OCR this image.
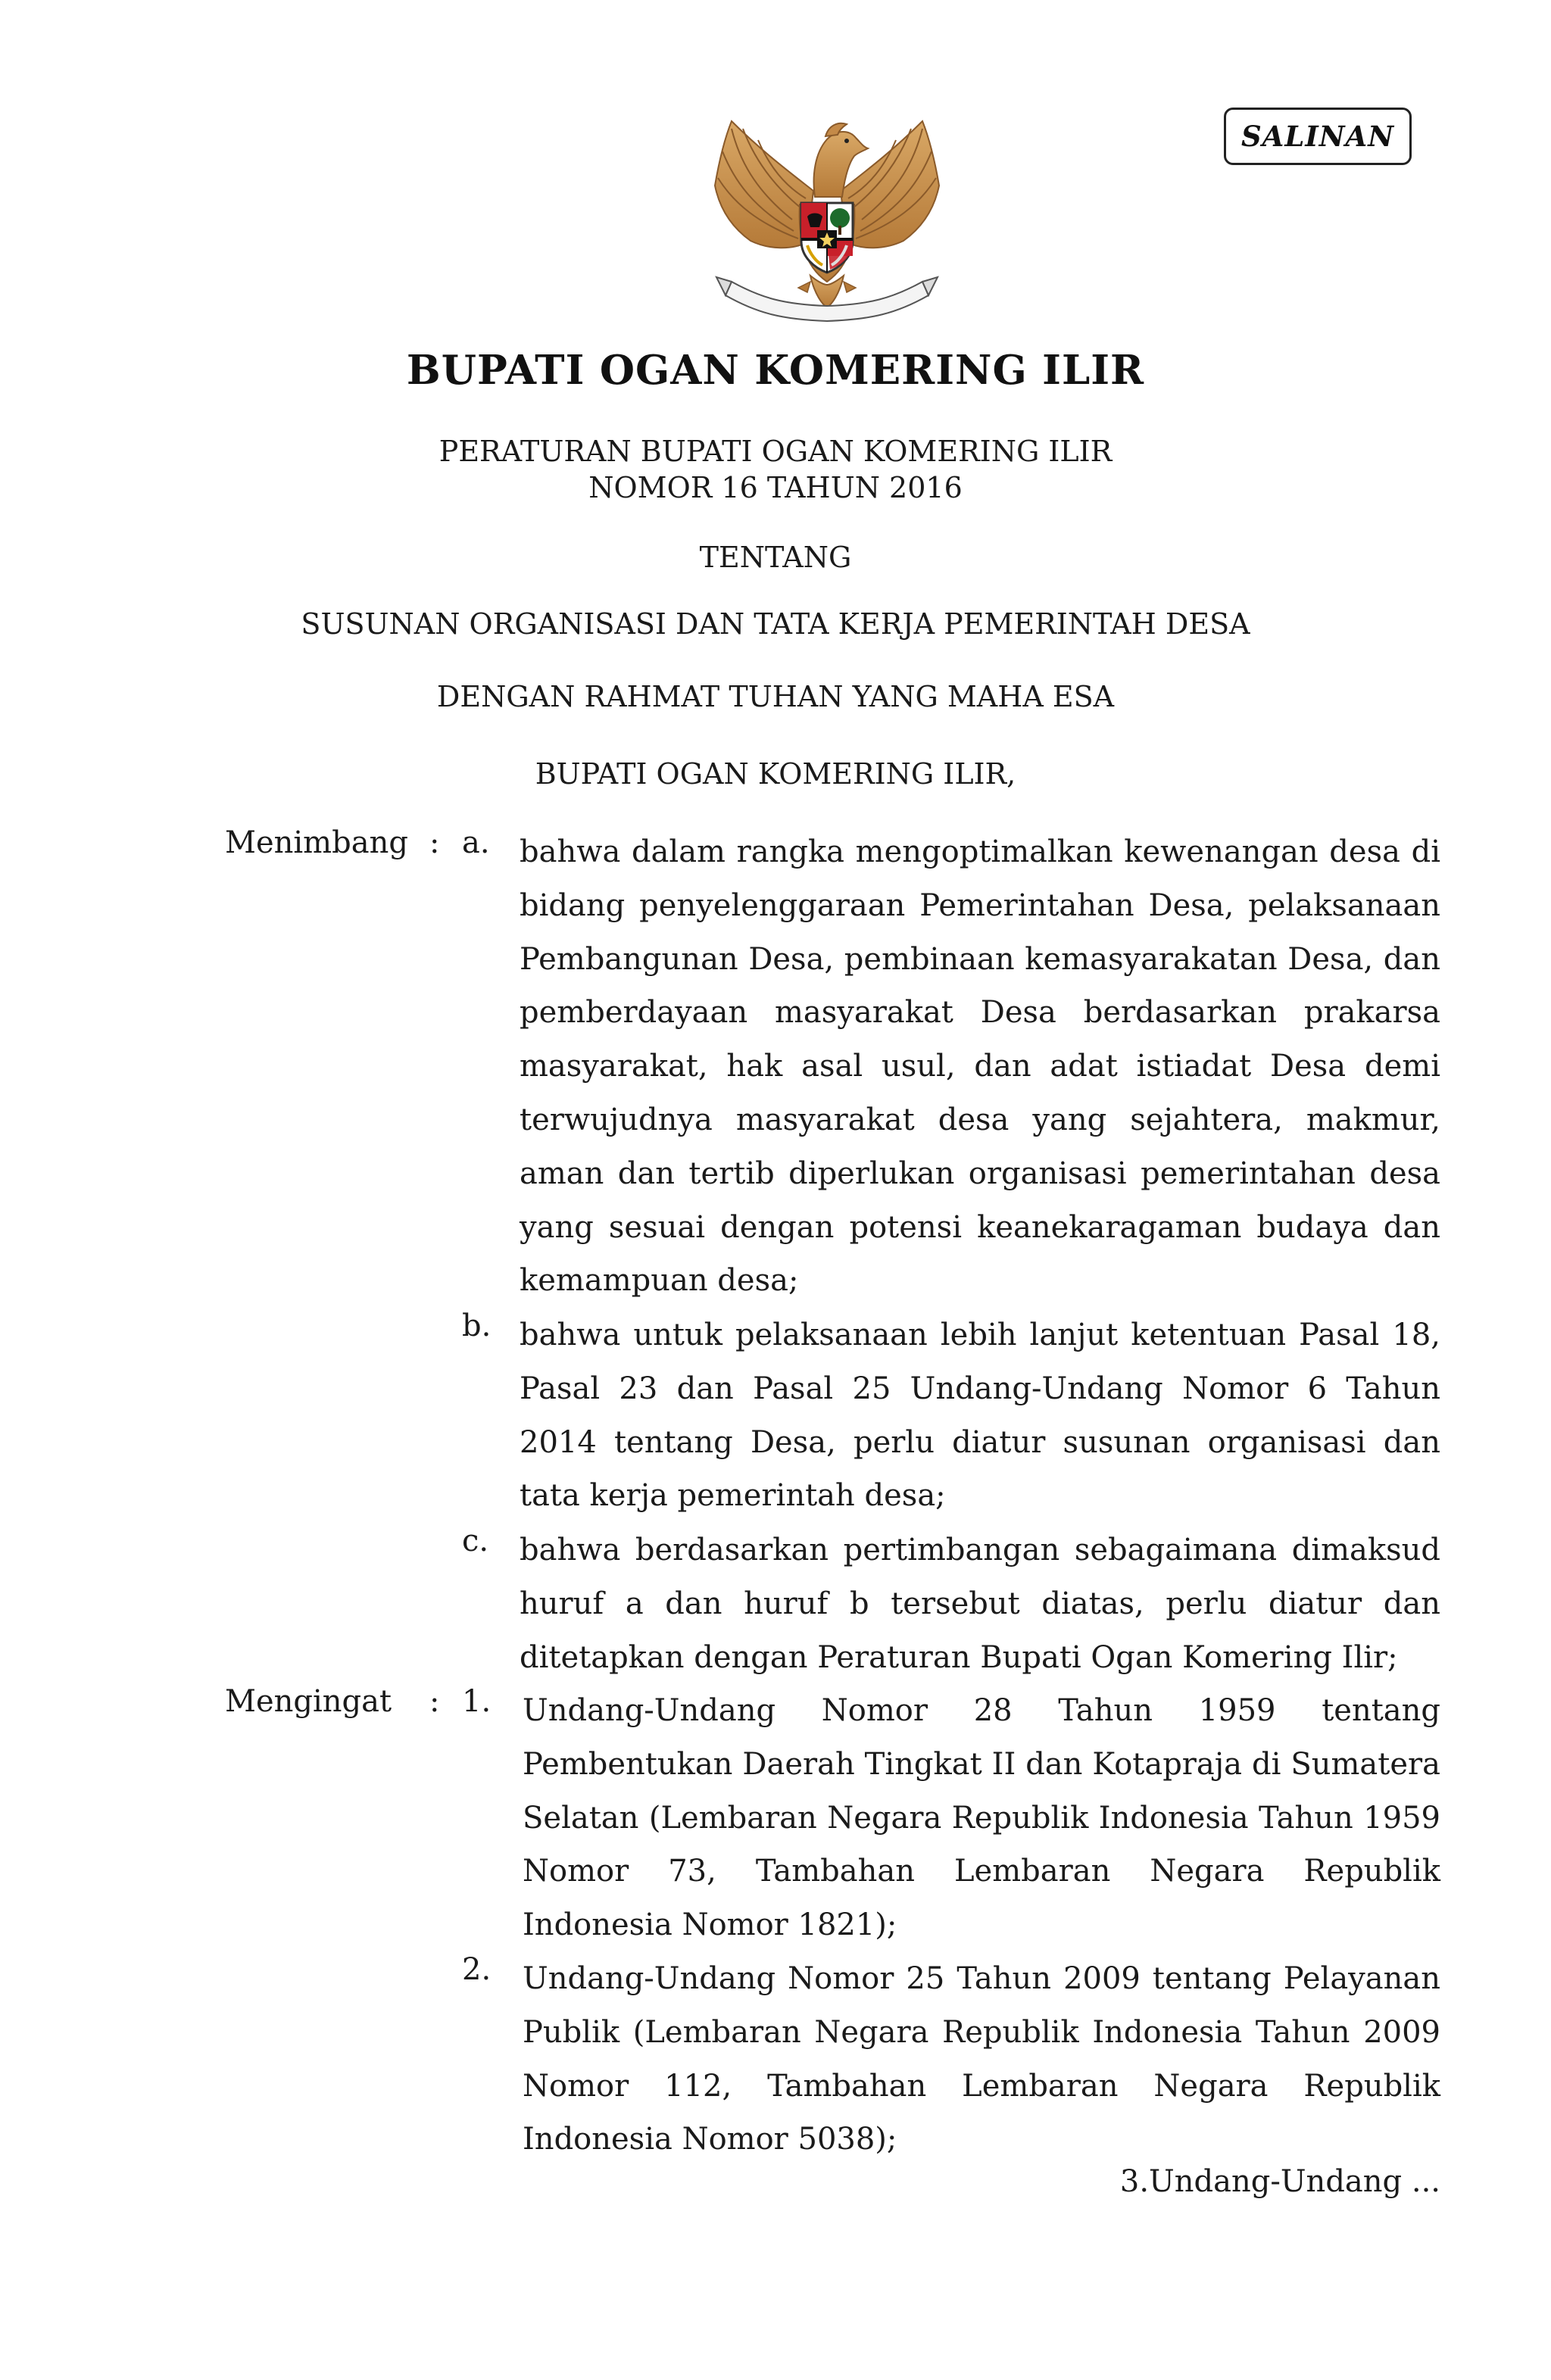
SALINAN
BUPATI OGAN KOMERING ILIR
PERATURAN BUPATI OGAN KOMERING ILIR
NOMOR 16 TAHUN 2016
TENTANG
SUSUNAN ORGANISASI DAN TATA KERJA PEMERINTAH DESA
DENGAN RAHMAT TUHAN YANG MAHA ESA
BUPATI OGAN KOMERING ILIR,
Menimbang : a. bahwa dalam rangka mengoptimalkan kewenangan desa di bidang penyelenggaraan Pemerintahan Desa, pelaksanaan Pembangunan Desa, pembinaan kemasyarakatan Desa, dan pemberdayaan masyarakat Desa berdasarkan prakarsa masyarakat, hak asal usul, dan adat istiadat Desa demi terwujudnya masyarakat desa yang sejahtera, makmur, aman dan tertib diperlukan organisasi pemerintahan desa yang sesuai dengan potensi keanekaragaman budaya dan kemampuan desa;

b. bahwa untuk pelaksanaan lebih lanjut ketentuan Pasal 18, Pasal 23 dan Pasal 25 Undang-Undang Nomor 6 Tahun 2014 tentang Desa, perlu diatur susunan organisasi dan tata kerja pemerintah desa;

c. bahwa berdasarkan pertimbangan sebagaimana dimaksud huruf a dan huruf b tersebut diatas, perlu diatur dan ditetapkan dengan Peraturan Bupati Ogan Komering Ilir;

Mengingat : 1. Undang-Undang Nomor 28 Tahun 1959 tentang Pembentukan Daerah Tingkat II dan Kotapraja di Sumatera Selatan (Lembaran Negara Republik Indonesia Tahun 1959 Nomor 73, Tambahan Lembaran Negara Republik Indonesia Nomor 1821);

2. Undang-Undang Nomor 25 Tahun 2009 tentang Pelayanan Publik (Lembaran Negara Republik Indonesia Tahun 2009 Nomor 112, Tambahan Lembaran Negara Republik Indonesia Nomor 5038);

3.Undang-Undang ...
